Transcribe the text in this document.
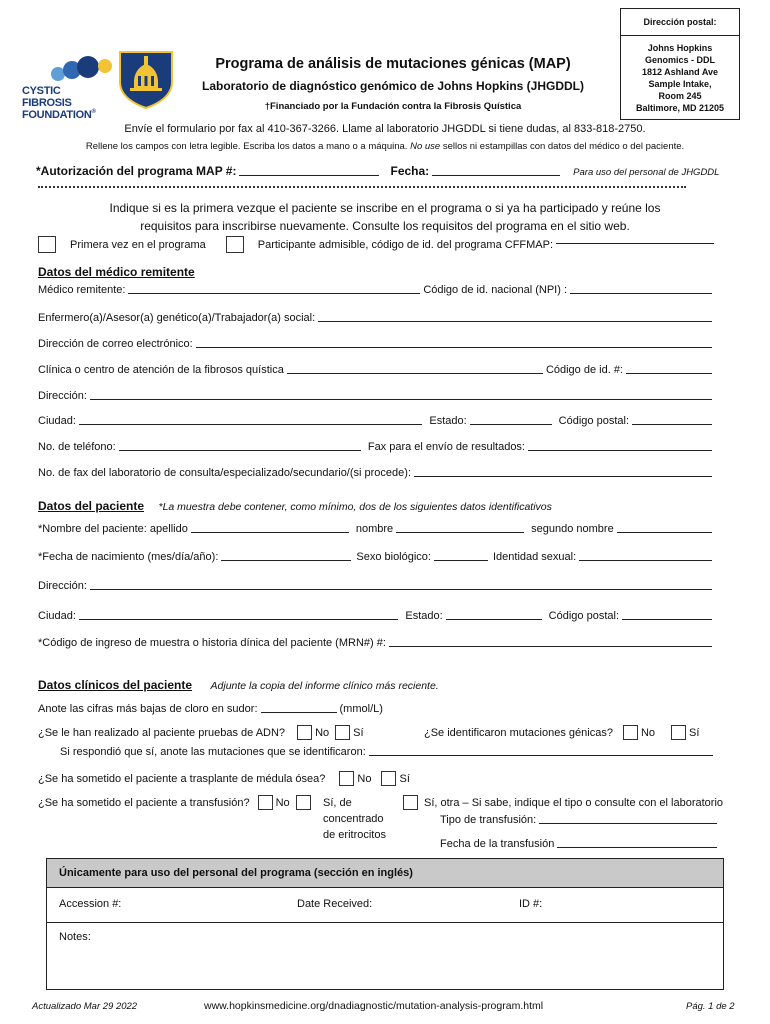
CYSTIC FIBROSIS
FOUNDATION®
Programa de análisis de mutaciones génicas (MAP)
Laboratorio de diagnóstico genómico de Johns Hopkins (JHGDDL)
†Financiado por la Fundación contra la Fibrosis Quística
Dirección postal:
Johns Hopkins
Genomics - DDL
1812 Ashland Ave
Sample Intake,
Room 245
Baltimore, MD 21205
Envíe el formulario por fax al 410-367-3266. Llame al laboratorio JHGDDL si tiene dudas, al 833-818-2750.
Rellene los campos con letra legible. Escriba los datos a mano o a máquina. No use sellos ni estampillas con datos del médico o del paciente.
*Autorización del programa MAP #:	Fecha:	Para uso del personal de JHGDDL
Indique si es la primera vezque el paciente se inscribe en el programa o si ya ha participado y reúne los
requisitos para inscribirse nuevamente. Consulte los requisitos del programa en el sitio web.
Primera vez en el programa	Participante admisible, código de id. del programa CFFMAP:
Datos del médico remitente
Médico remitente:	Código de id. nacional (NPI) :
Enfermero(a)/Asesor(a) genético(a)/Trabajador(a) social:
Dirección de correo electrónico:
Clínica o centro de atención de la fibrosos quística	Código de id. #:
Dirección:
Ciudad:	Estado:	Código postal:
No. de teléfono:	Fax para el envío de resultados:
No. de fax del laboratorio de consulta/especializado/secundario/(si procede):
Datos del paciente *La muestra debe contener, como mínimo, dos de los siguientes datos identificativos
*Nombre del paciente: apellido	nombre	segundo nombre
*Fecha de nacimiento (mes/día/año):	Sexo biológico:	Identidad sexual:
Dirección:
Ciudad:	Estado:	Código postal:
*Código de ingreso de muestra o historia dínica del paciente (MRN#) #:
Datos clínicos del paciente Adjunte la copia del informe clínico más reciente.
Anote las cifras más bajas de cloro en sudor:	(mmol/L)
¿Se le han realizado al paciente pruebas de ADN?	No Sí	¿Se identificaron mutaciones génicas?	No	Sí
Si respondió que sí, anote las mutaciones que se identificaron:
¿Se ha sometido el paciente a trasplante de médula ósea?	No	Sí
¿Se ha sometido el paciente a transfusión? No	Sí, de
concentrado
de eritrocitos
Sí, otra – Si sabe, indique el tipo o consulte con el laboratorio
Tipo de transfusión:
Fecha de la transfusión
Únicamente para uso del personal del programa (sección en inglés)
Accession #:	Date Received:	ID #:
Notes:
Actualizado Mar 29 2022	www.hopkinsmedicine.org/dnadiagnostic/mutation-analysis-program.html	Pág. 1 de 2
